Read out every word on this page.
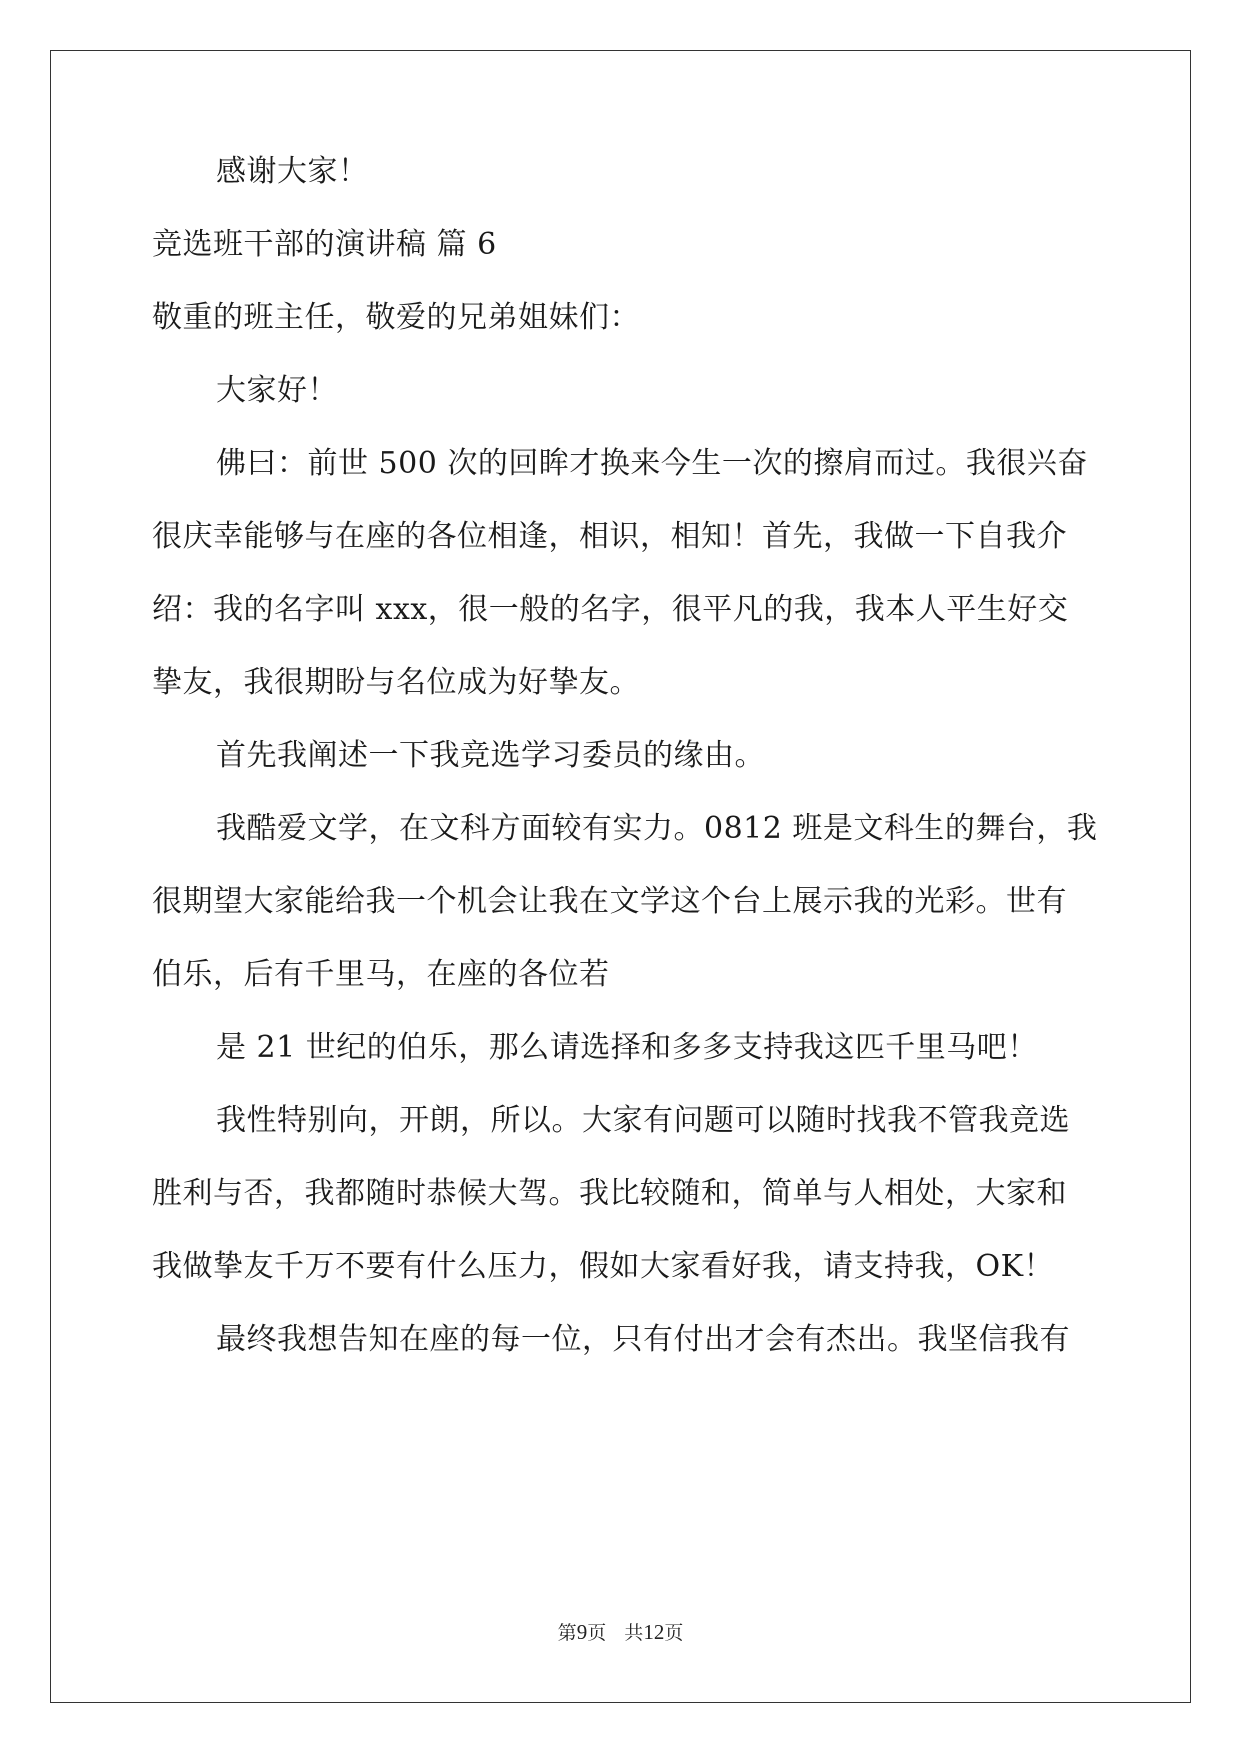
感谢大家！
竞选班干部的演讲稿 篇 6
敬重的班主任，敬爱的兄弟姐妹们：
大家好！
佛曰：前世 500 次的回眸才换来今生一次的擦肩而过。我很兴奋
很庆幸能够与在座的各位相逢，相识，相知！首先，我做一下自我介
绍：我的名字叫 xxx，很一般的名字，很平凡的我，我本人平生好交
挚友，我很期盼与名位成为好挚友。
首先我阐述一下我竞选学习委员的缘由。
我酷爱文学，在文科方面较有实力。0812 班是文科生的舞台，我
很期望大家能给我一个机会让我在文学这个台上展示我的光彩。世有
伯乐，后有千里马，在座的各位若
是 21 世纪的伯乐，那么请选择和多多支持我这匹千里马吧！
我性特别向，开朗，所以。大家有问题可以随时找我不管我竞选
胜利与否，我都随时恭候大驾。我比较随和，简单与人相处，大家和
我做挚友千万不要有什么压力，假如大家看好我，请支持我，OK！
最终我想告知在座的每一位，只有付出才会有杰出。我坚信我有
第9页   共12页
